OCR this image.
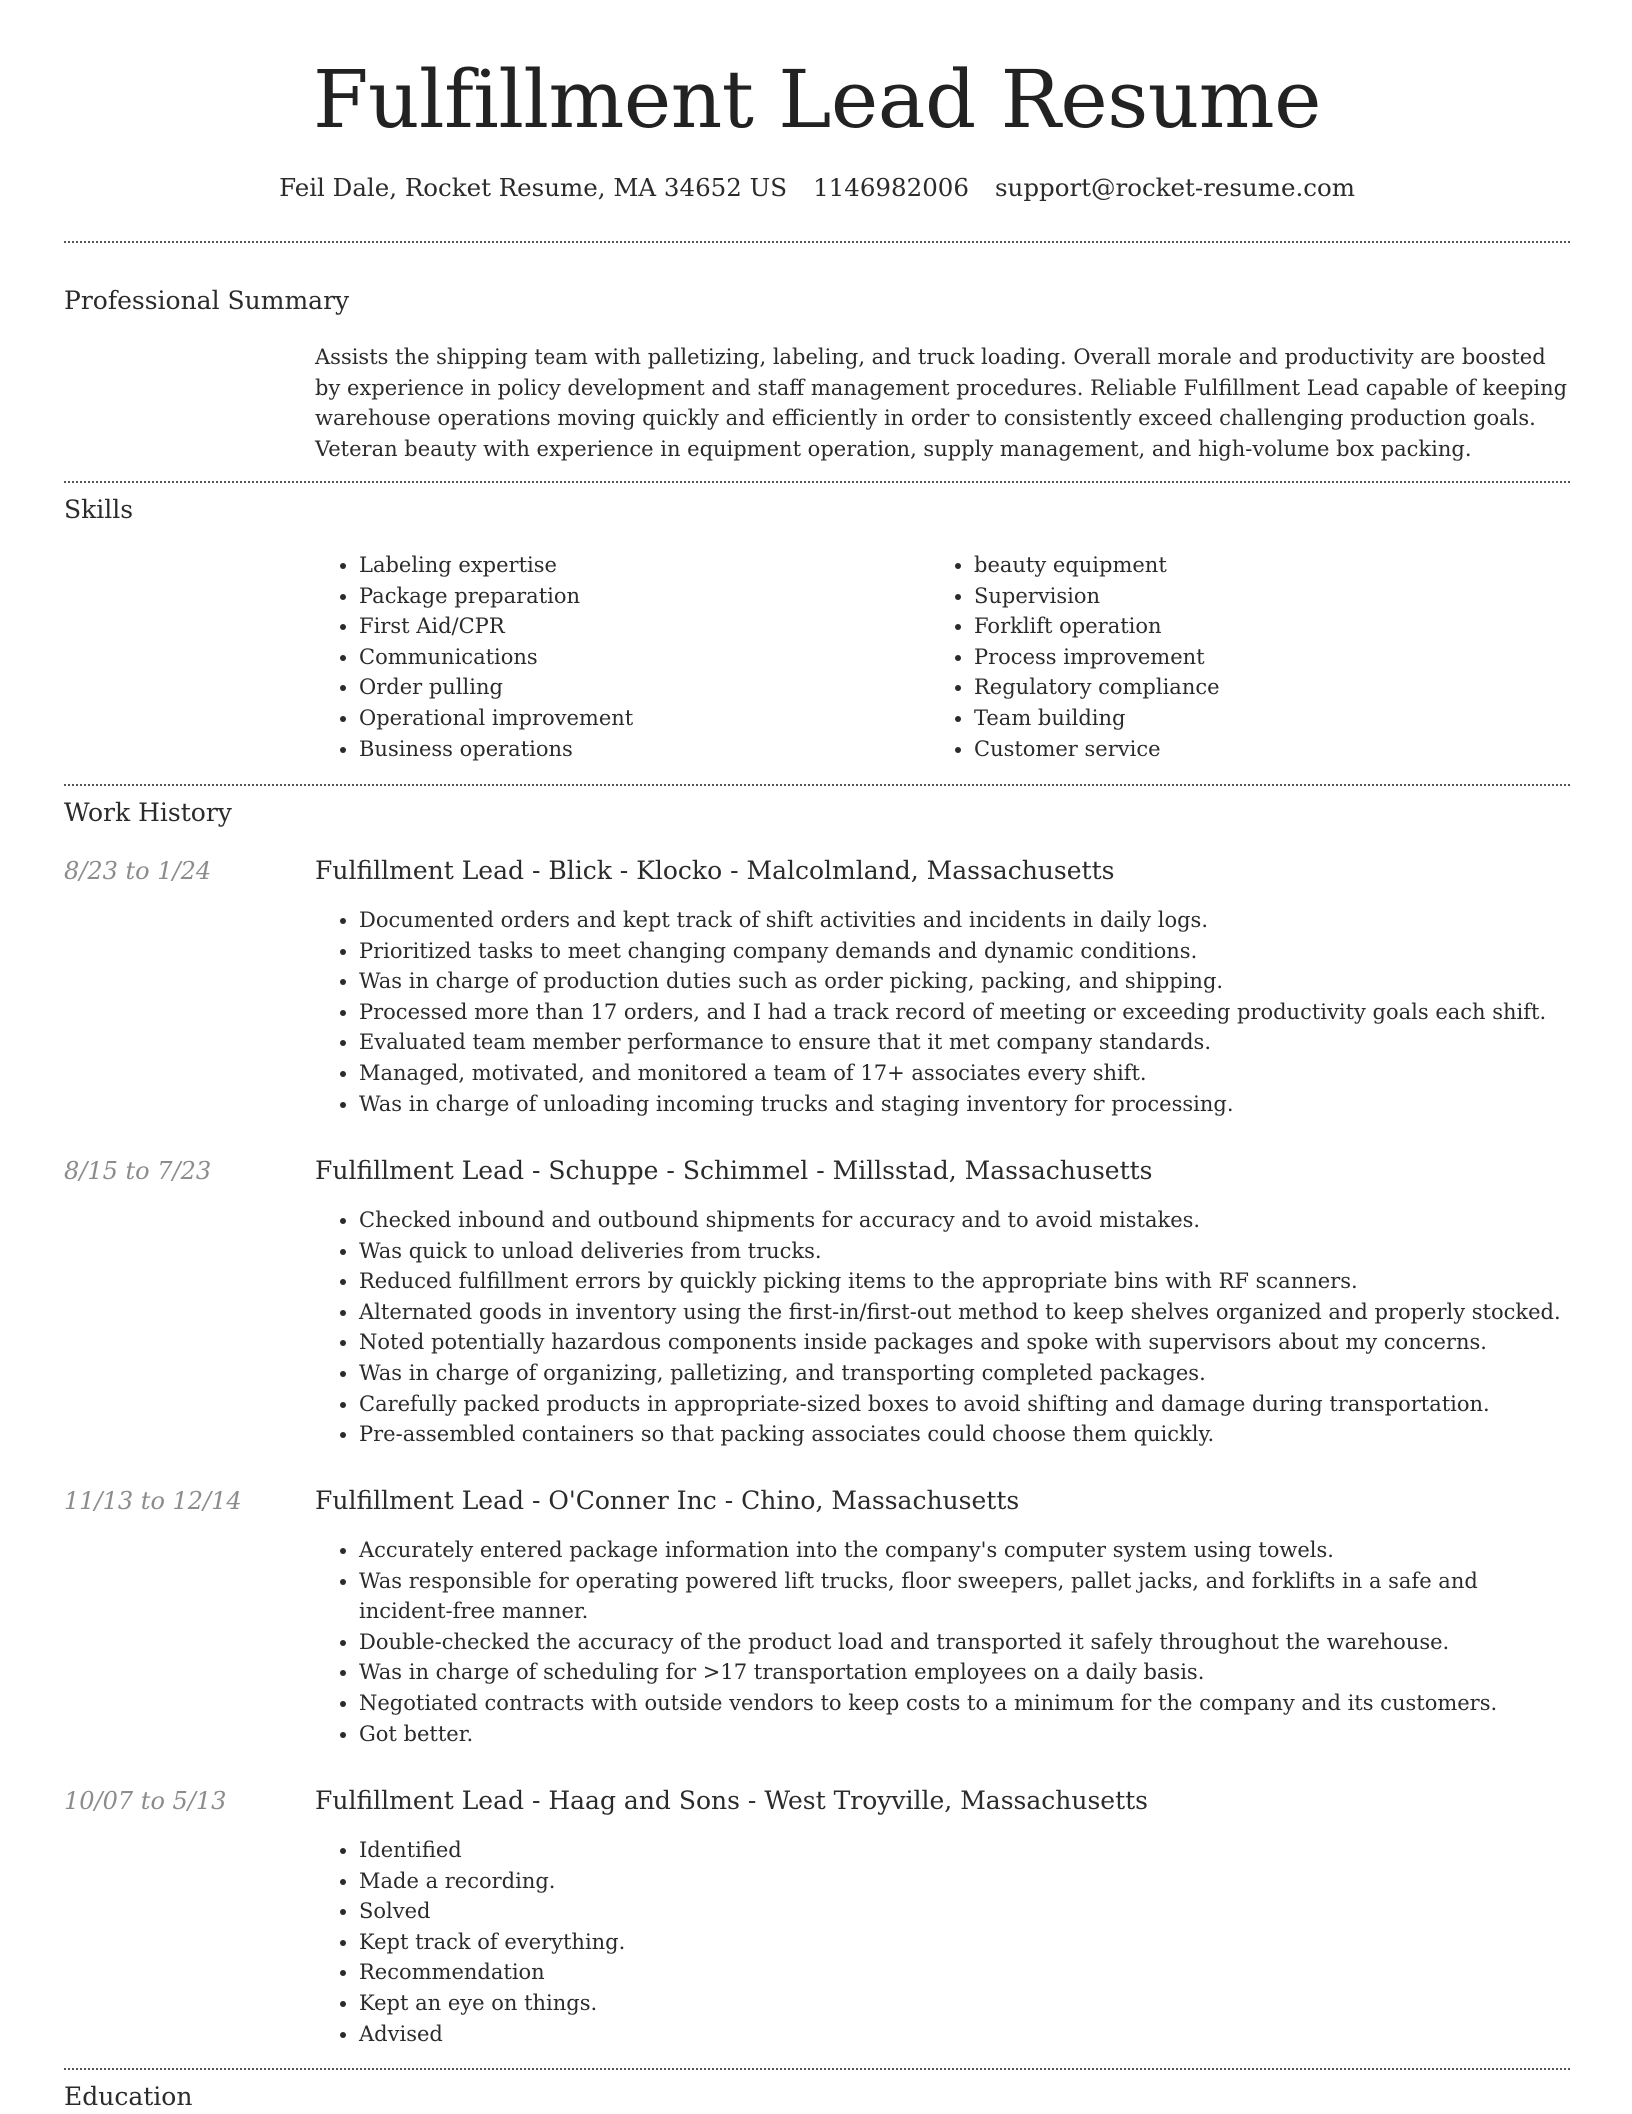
Fulfillment Lead Resume
Feil Dale, Rocket Resume, MA 34652 US 1146982006 support@rocket-resume.com
Professional Summary

Assists the shipping team with palletizing, labeling, and truck loading. Overall morale and productivity are boosted by experience in policy development and staff management procedures. Reliable Fulfillment Lead capable of keeping warehouse operations moving quickly and efficiently in order to consistently exceed challenging production goals. Veteran beauty with experience in equipment operation, supply management, and high-volume box packing.

Skills
• Labeling expertise
• Package preparation
• First Aid/CPR
• Communications
• Order pulling
• Operational improvement
• Business operations
• beauty equipment
• Supervision
• Forklift operation
• Process improvement
• Regulatory compliance
• Team building
• Customer service
Work History
8/23 to 1/24	Fulfillment Lead - Blick - Klocko - Malcolmland, Massachusetts
• Documented orders and kept track of shift activities and incidents in daily logs.
• Prioritized tasks to meet changing company demands and dynamic conditions.
• Was in charge of production duties such as order picking, packing, and shipping.
• Processed more than 17 orders, and I had a track record of meeting or exceeding productivity goals each shift.
• Evaluated team member performance to ensure that it met company standards.
• Managed, motivated, and monitored a team of 17+ associates every shift.
• Was in charge of unloading incoming trucks and staging inventory for processing.
8/15 to 7/23	Fulfillment Lead - Schuppe - Schimmel - Millsstad, Massachusetts
• Checked inbound and outbound shipments for accuracy and to avoid mistakes.
• Was quick to unload deliveries from trucks.
• Reduced fulfillment errors by quickly picking items to the appropriate bins with RF scanners.
• Alternated goods in inventory using the first-in/first-out method to keep shelves organized and properly stocked.
• Noted potentially hazardous components inside packages and spoke with supervisors about my concerns.
• Was in charge of organizing, palletizing, and transporting completed packages.
• Carefully packed products in appropriate-sized boxes to avoid shifting and damage during transportation.
• Pre-assembled containers so that packing associates could choose them quickly.
11/13 to 12/14	Fulfillment Lead - O'Conner Inc - Chino, Massachusetts
• Accurately entered package information into the company's computer system using towels.
• Was responsible for operating powered lift trucks, floor sweepers, pallet jacks, and forklifts in a safe and incident-free manner.
• Double-checked the accuracy of the product load and transported it safely throughout the warehouse.
• Was in charge of scheduling for >17 transportation employees on a daily basis.
• Negotiated contracts with outside vendors to keep costs to a minimum for the company and its customers.
• Got better.
10/07 to 5/13	Fulfillment Lead - Haag and Sons - West Troyville, Massachusetts
• Identified
• Made a recording.
• Solved
• Kept track of everything.
• Recommendation
• Kept an eye on things.
• Advised
Education
